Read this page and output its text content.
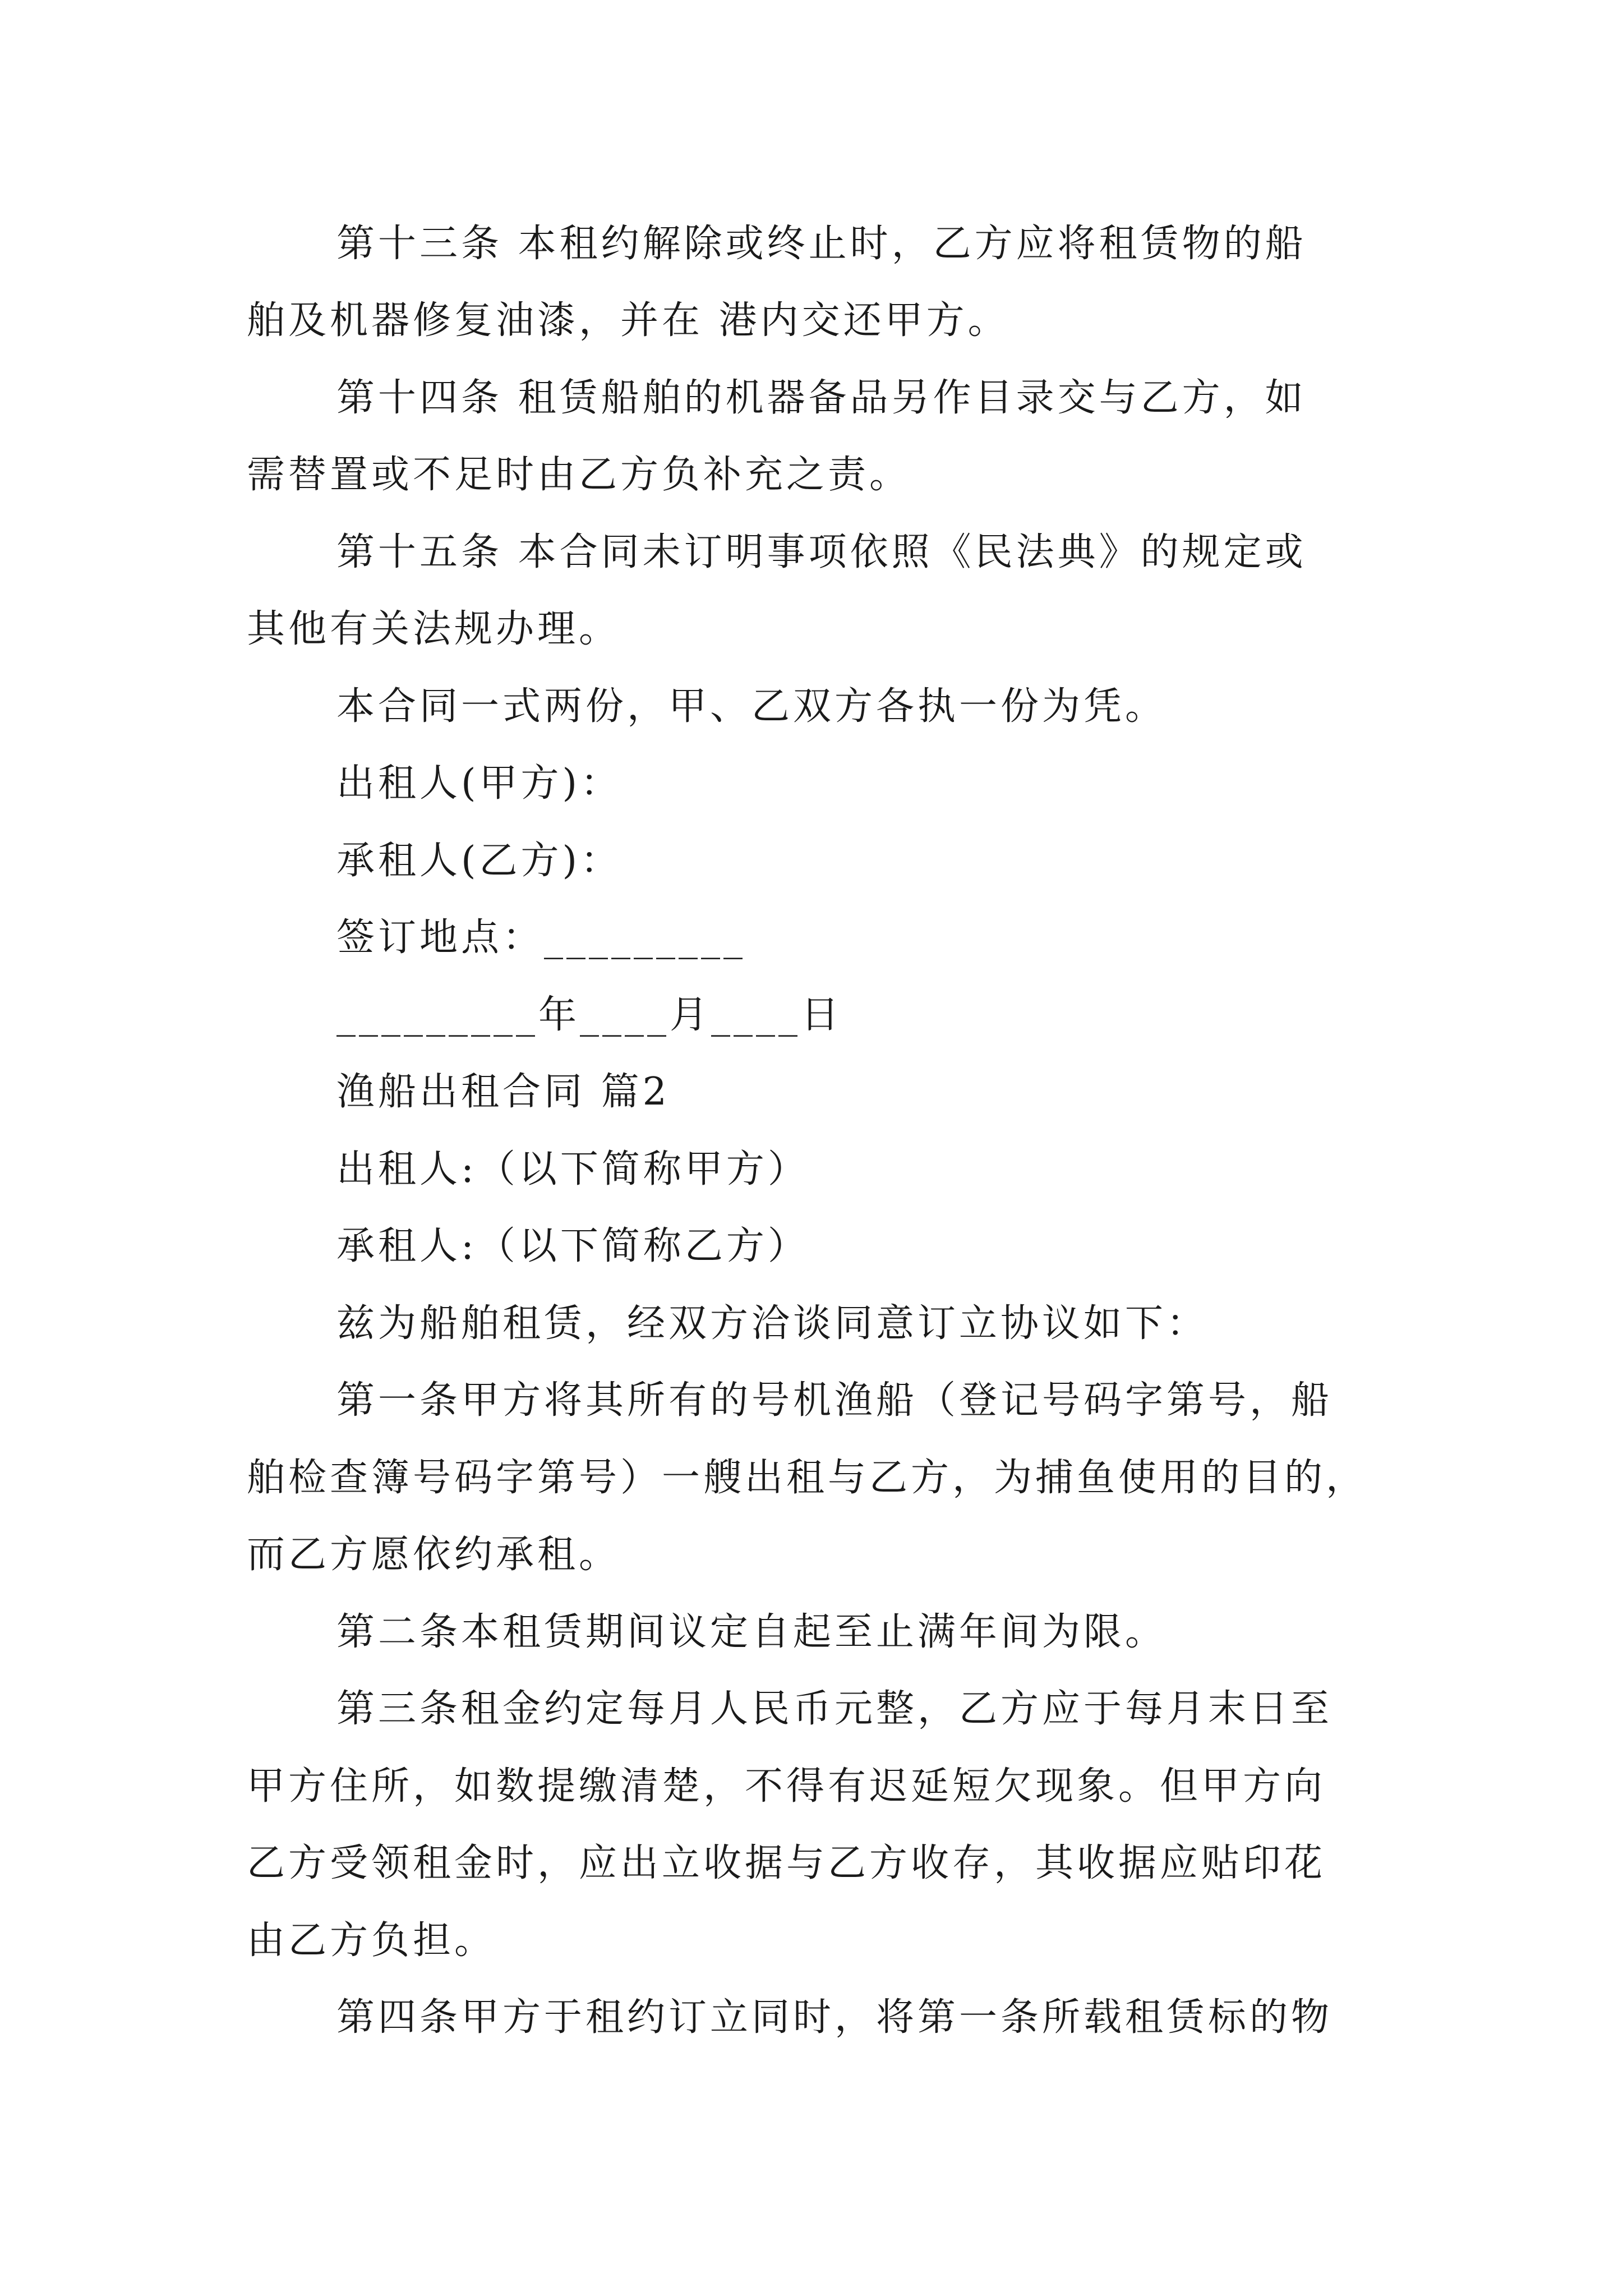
第十三条 本租约解除或终止时，乙方应将租赁物的船
舶及机器修复油漆，并在 港内交还甲方。
第十四条 租赁船舶的机器备品另作目录交与乙方，如
需替置或不足时由乙方负补充之责。
第十五条 本合同未订明事项依照《民法典》的规定或
其他有关法规办理。
本合同一式两份，甲、乙双方各执一份为凭。
出租人(甲方)：
承租人(乙方)：
签订地点：_________
_________年____月____日
渔船出租合同 篇2
出租人:（以下简称甲方）
承租人:（以下简称乙方）
兹为船舶租赁，经双方洽谈同意订立协议如下：
第一条甲方将其所有的号机渔船（登记号码字第号，船
舶检查簿号码字第号）一艘出租与乙方，为捕鱼使用的目的，
而乙方愿依约承租。
第二条本租赁期间议定自起至止满年间为限。
第三条租金约定每月人民币元整，乙方应于每月末日至
甲方住所，如数提缴清楚，不得有迟延短欠现象。但甲方向
乙方受领租金时，应出立收据与乙方收存，其收据应贴印花
由乙方负担。
第四条甲方于租约订立同时，将第一条所载租赁标的物
